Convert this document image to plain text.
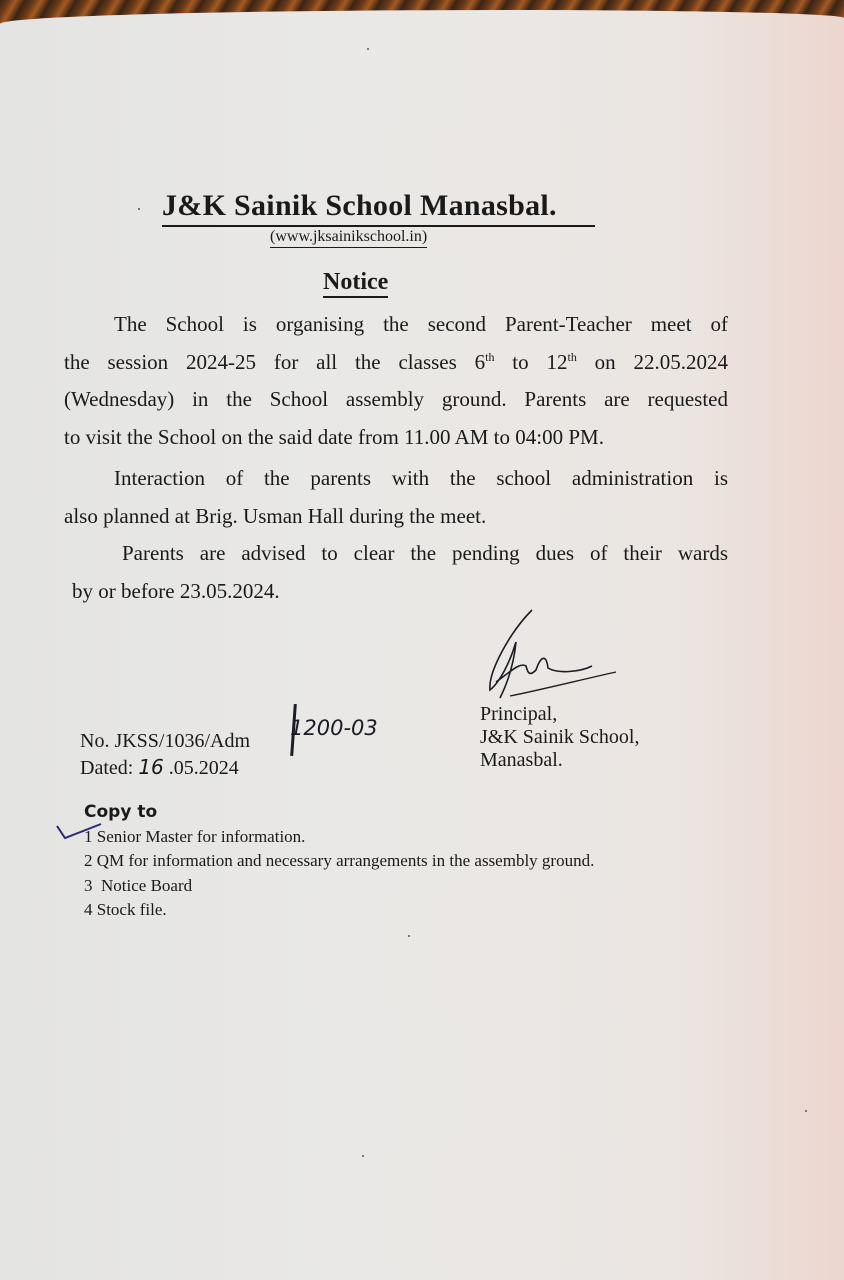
J&K Sainik School Manasbal.
(www.jksainikschool.in)
Notice
The School is organising the second Parent-Teacher meet of
the session 2024-25 for all the classes 6th to 12th on 22.05.2024
(Wednesday) in the School assembly ground. Parents are requested
to visit the School on the said date from 11.00 AM to 04:00 PM.
Interaction of the parents with the school administration is
also planned at Brig. Usman Hall during the meet.
Parents are advised to clear the pending dues of their wards
by or before 23.05.2024.
No. JKSS/1036/Adm
Dated: 16 .05.2024
1200-03
Principal,
J&K Sainik School,
Manasbal.
Copy to
1 Senior Master for information.
2 QM for information and necessary arrangements in the assembly ground.
3  Notice Board
4 Stock file.
